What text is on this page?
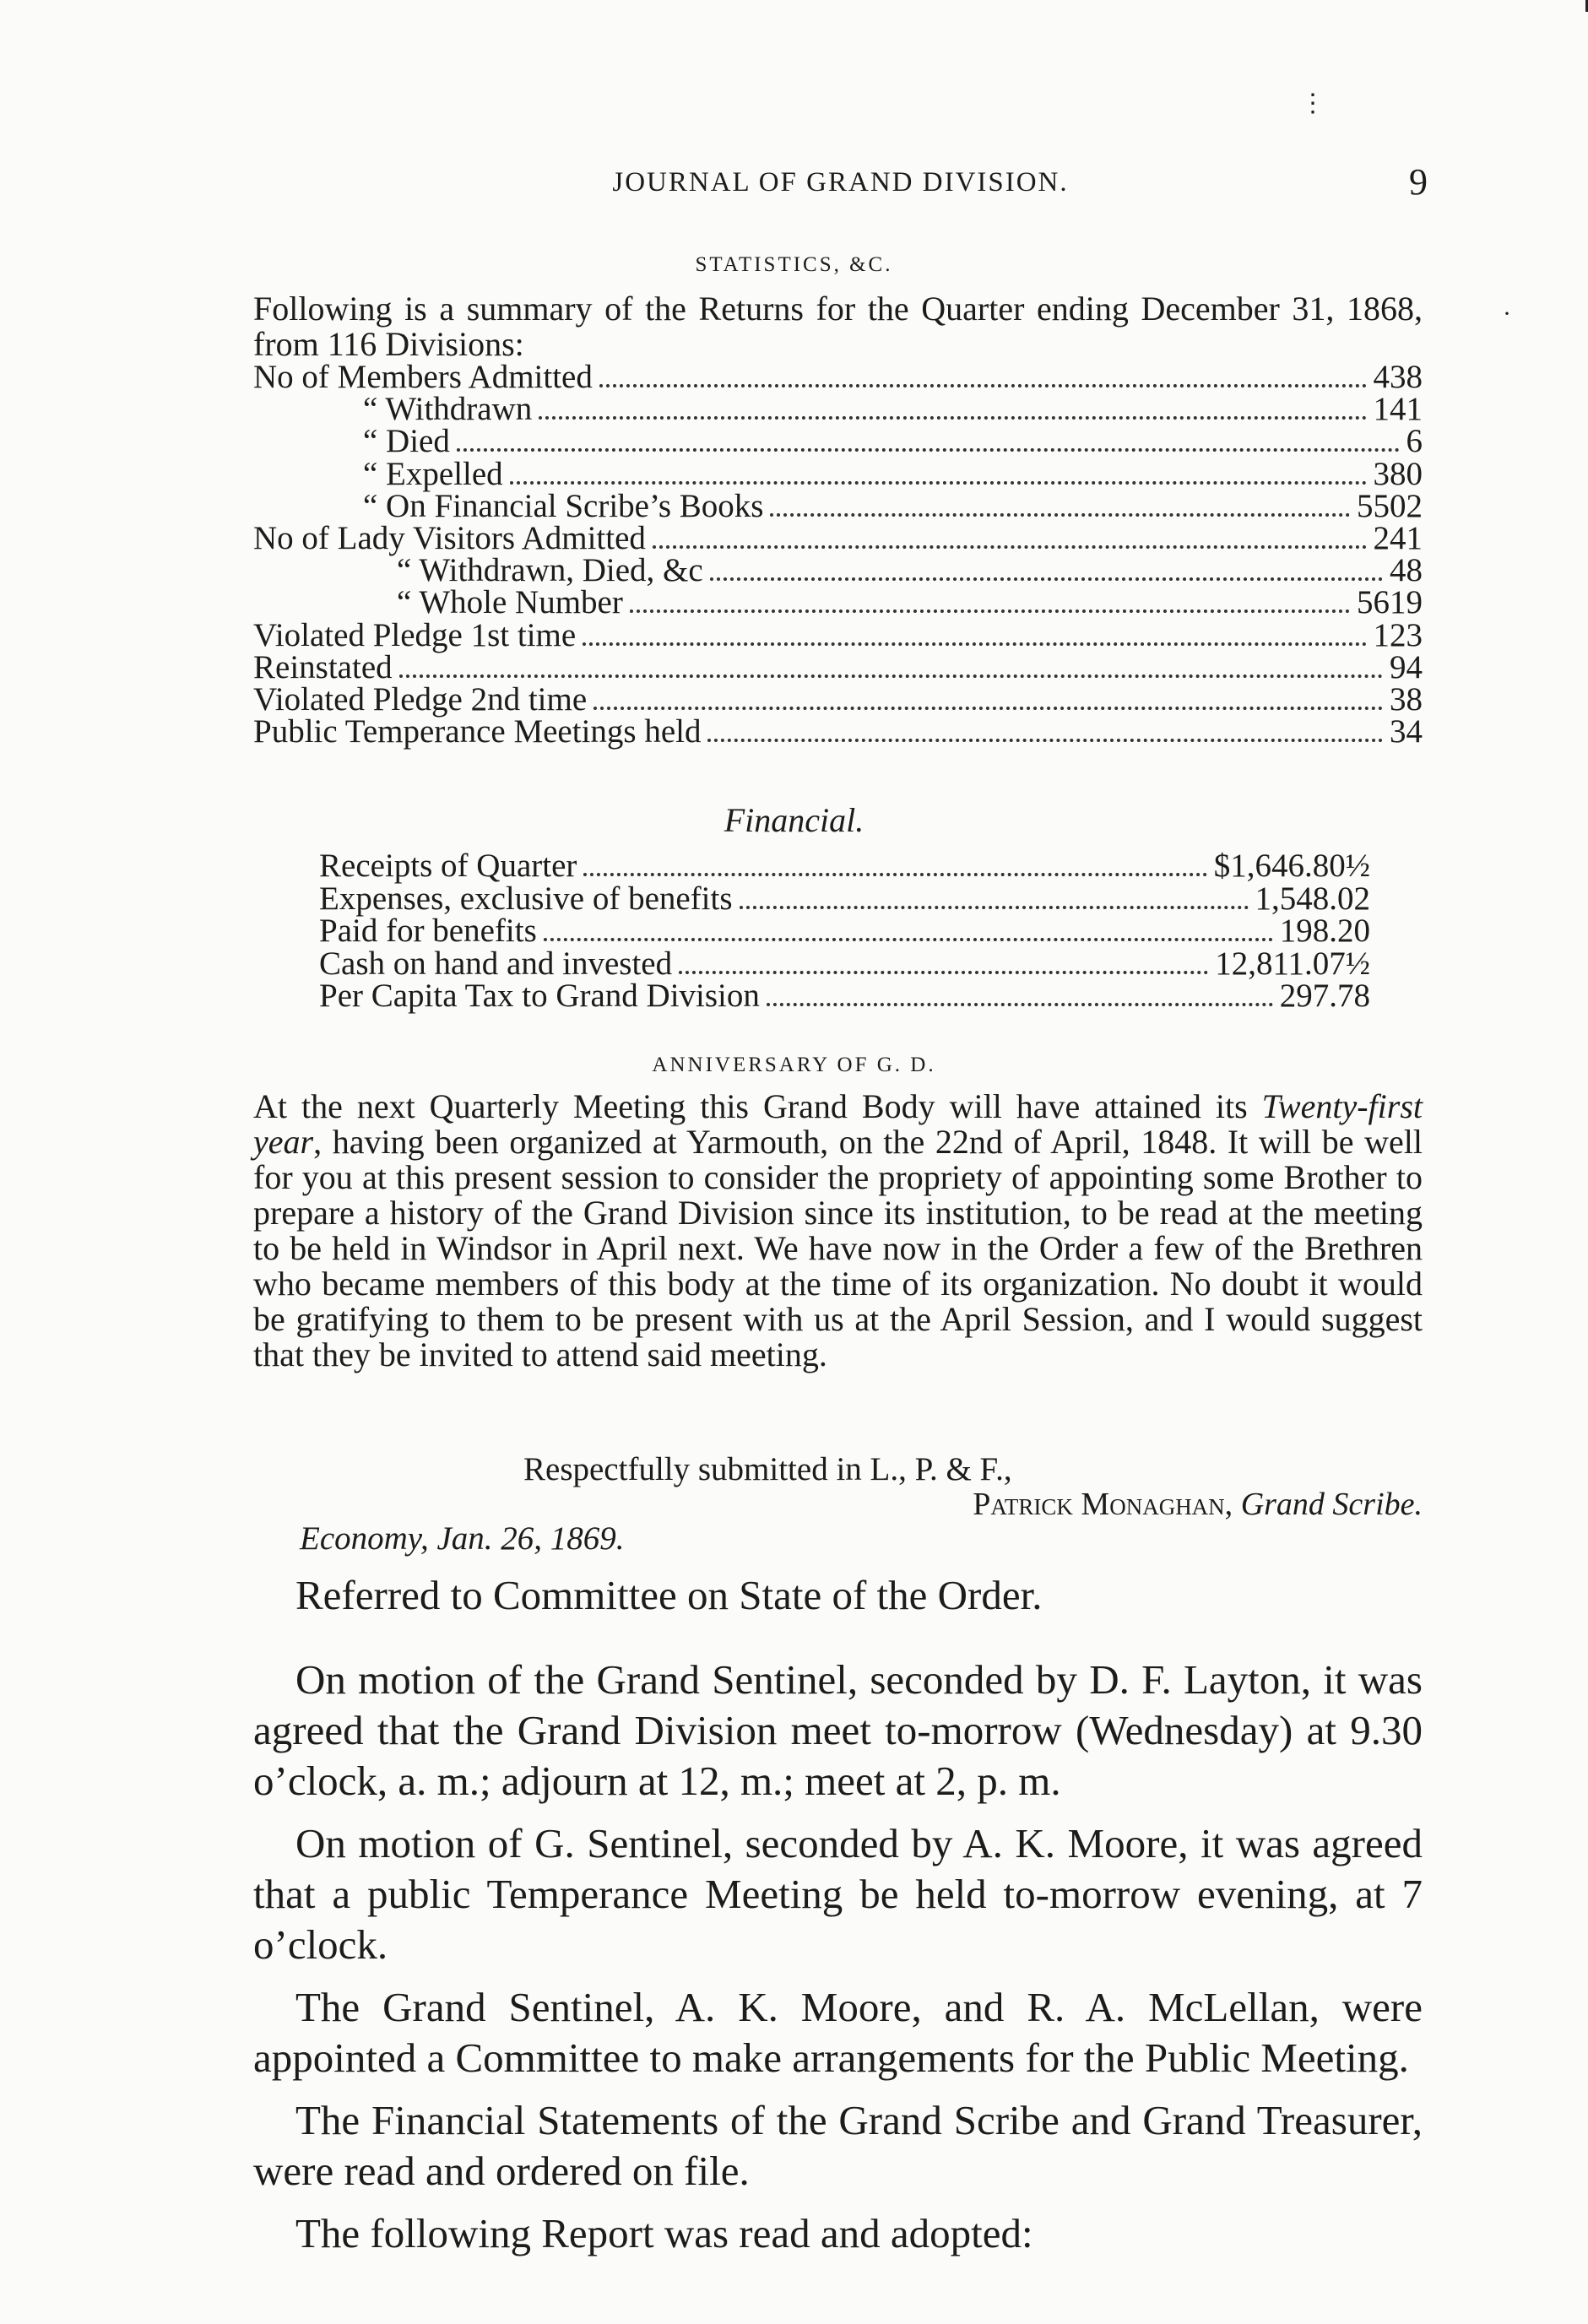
⋮
·
JOURNAL OF GRAND DIVISION.	9
STATISTICS, &C.
Following is a summary of the Returns for the Quarter ending December 31, 1868, from 116 Divisions:
No of Members Admitted	438
“ Withdrawn	141
“ Died	6
“ Expelled	380
“ On Financial Scribe’s Books	5502
No of Lady Visitors Admitted	241
“ Withdrawn, Died, &c	48
“ Whole Number	5619
Violated Pledge 1st time	123
Reinstated	94
Violated Pledge 2nd time	38
Public Temperance Meetings held	34
Financial.
Receipts of Quarter	$1,646.80½
Expenses, exclusive of benefits	1,548.02
Paid for benefits	198.20
Cash on hand and invested	12,811.07½
Per Capita Tax to Grand Division	297.78
ANNIVERSARY OF G. D.

At the next Quarterly Meeting this Grand Body will have attained its Twenty-first year, having been organized at Yarmouth, on the 22nd of April, 1848. It will be well for you at this present session to consider the propriety of appointing some Brother to prepare a history of the Grand Division since its institution, to be read at the meeting to be held in Windsor in April next. We have now in the Order a few of the Brethren who became members of this body at the time of its organization. No doubt it would be gratifying to them to be present with us at the April Session, and I would suggest that they be invited to attend said meeting.

Respectfully submitted in L., P. & F.,
Patrick Monaghan, Grand Scribe.
Economy, Jan. 26, 1869.

Referred to Committee on State of the Order.

On motion of the Grand Sentinel, seconded by D. F. Layton, it was agreed that the Grand Division meet to-morrow (Wednesday) at 9.30 o’clock, a. m.; adjourn at 12, m.; meet at 2, p. m.

On motion of G. Sentinel, seconded by A. K. Moore, it was agreed that a public Temperance Meeting be held to-morrow evening, at 7 o’clock.

The Grand Sentinel, A. K. Moore, and R. A. McLellan, were appointed a Committee to make arrangements for the Public Meeting.

The Financial Statements of the Grand Scribe and Grand Treasurer, were read and ordered on file.

The following Report was read and adopted:
